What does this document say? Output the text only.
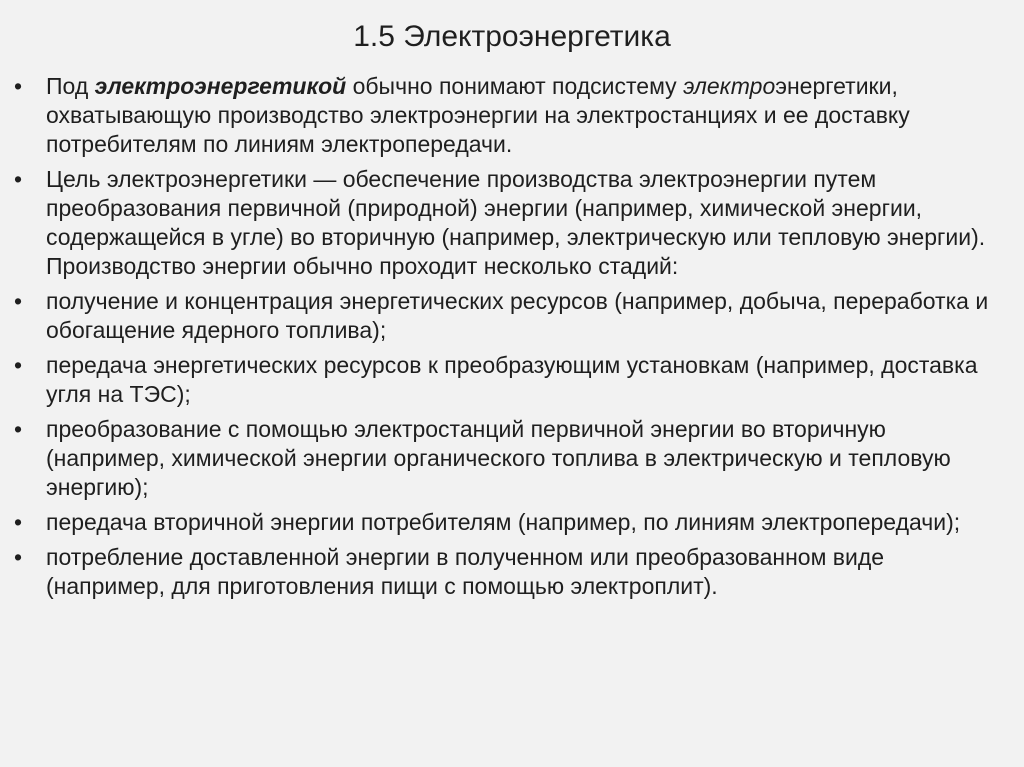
1.5 Электроэнергетика
•	Под электроэнергетикой обычно понимают подсистему электроэнергетики, охватывающую производство электроэнергии на электростанциях и ее доставку потребителям по линиям электропередачи.
•	Цель электроэнергетики — обеспечение производства электроэнергии путем преобразования первичной (природной) энергии (например, химической энергии, содержащейся в угле) во вторичную (например, электрическую или тепловую энергии). Производство энергии обычно проходит несколько стадий:
•	получение и концентрация энергетических ресурсов (например, добыча, переработка и обогащение ядерного топлива);
•	передача энергетических ресурсов к преобразующим установкам (например, доставка угля на ТЭС);
•	преобразование с помощью электростанций первичной энергии во вторичную (например, химической энергии органического топлива в электрическую и тепловую энергию);
•	передача вторичной энергии потребителям (например, по линиям электропередачи);
•	потребление доставленной энергии в полученном или преобразованном виде (например, для приготовления пищи с помощью электроплит).
